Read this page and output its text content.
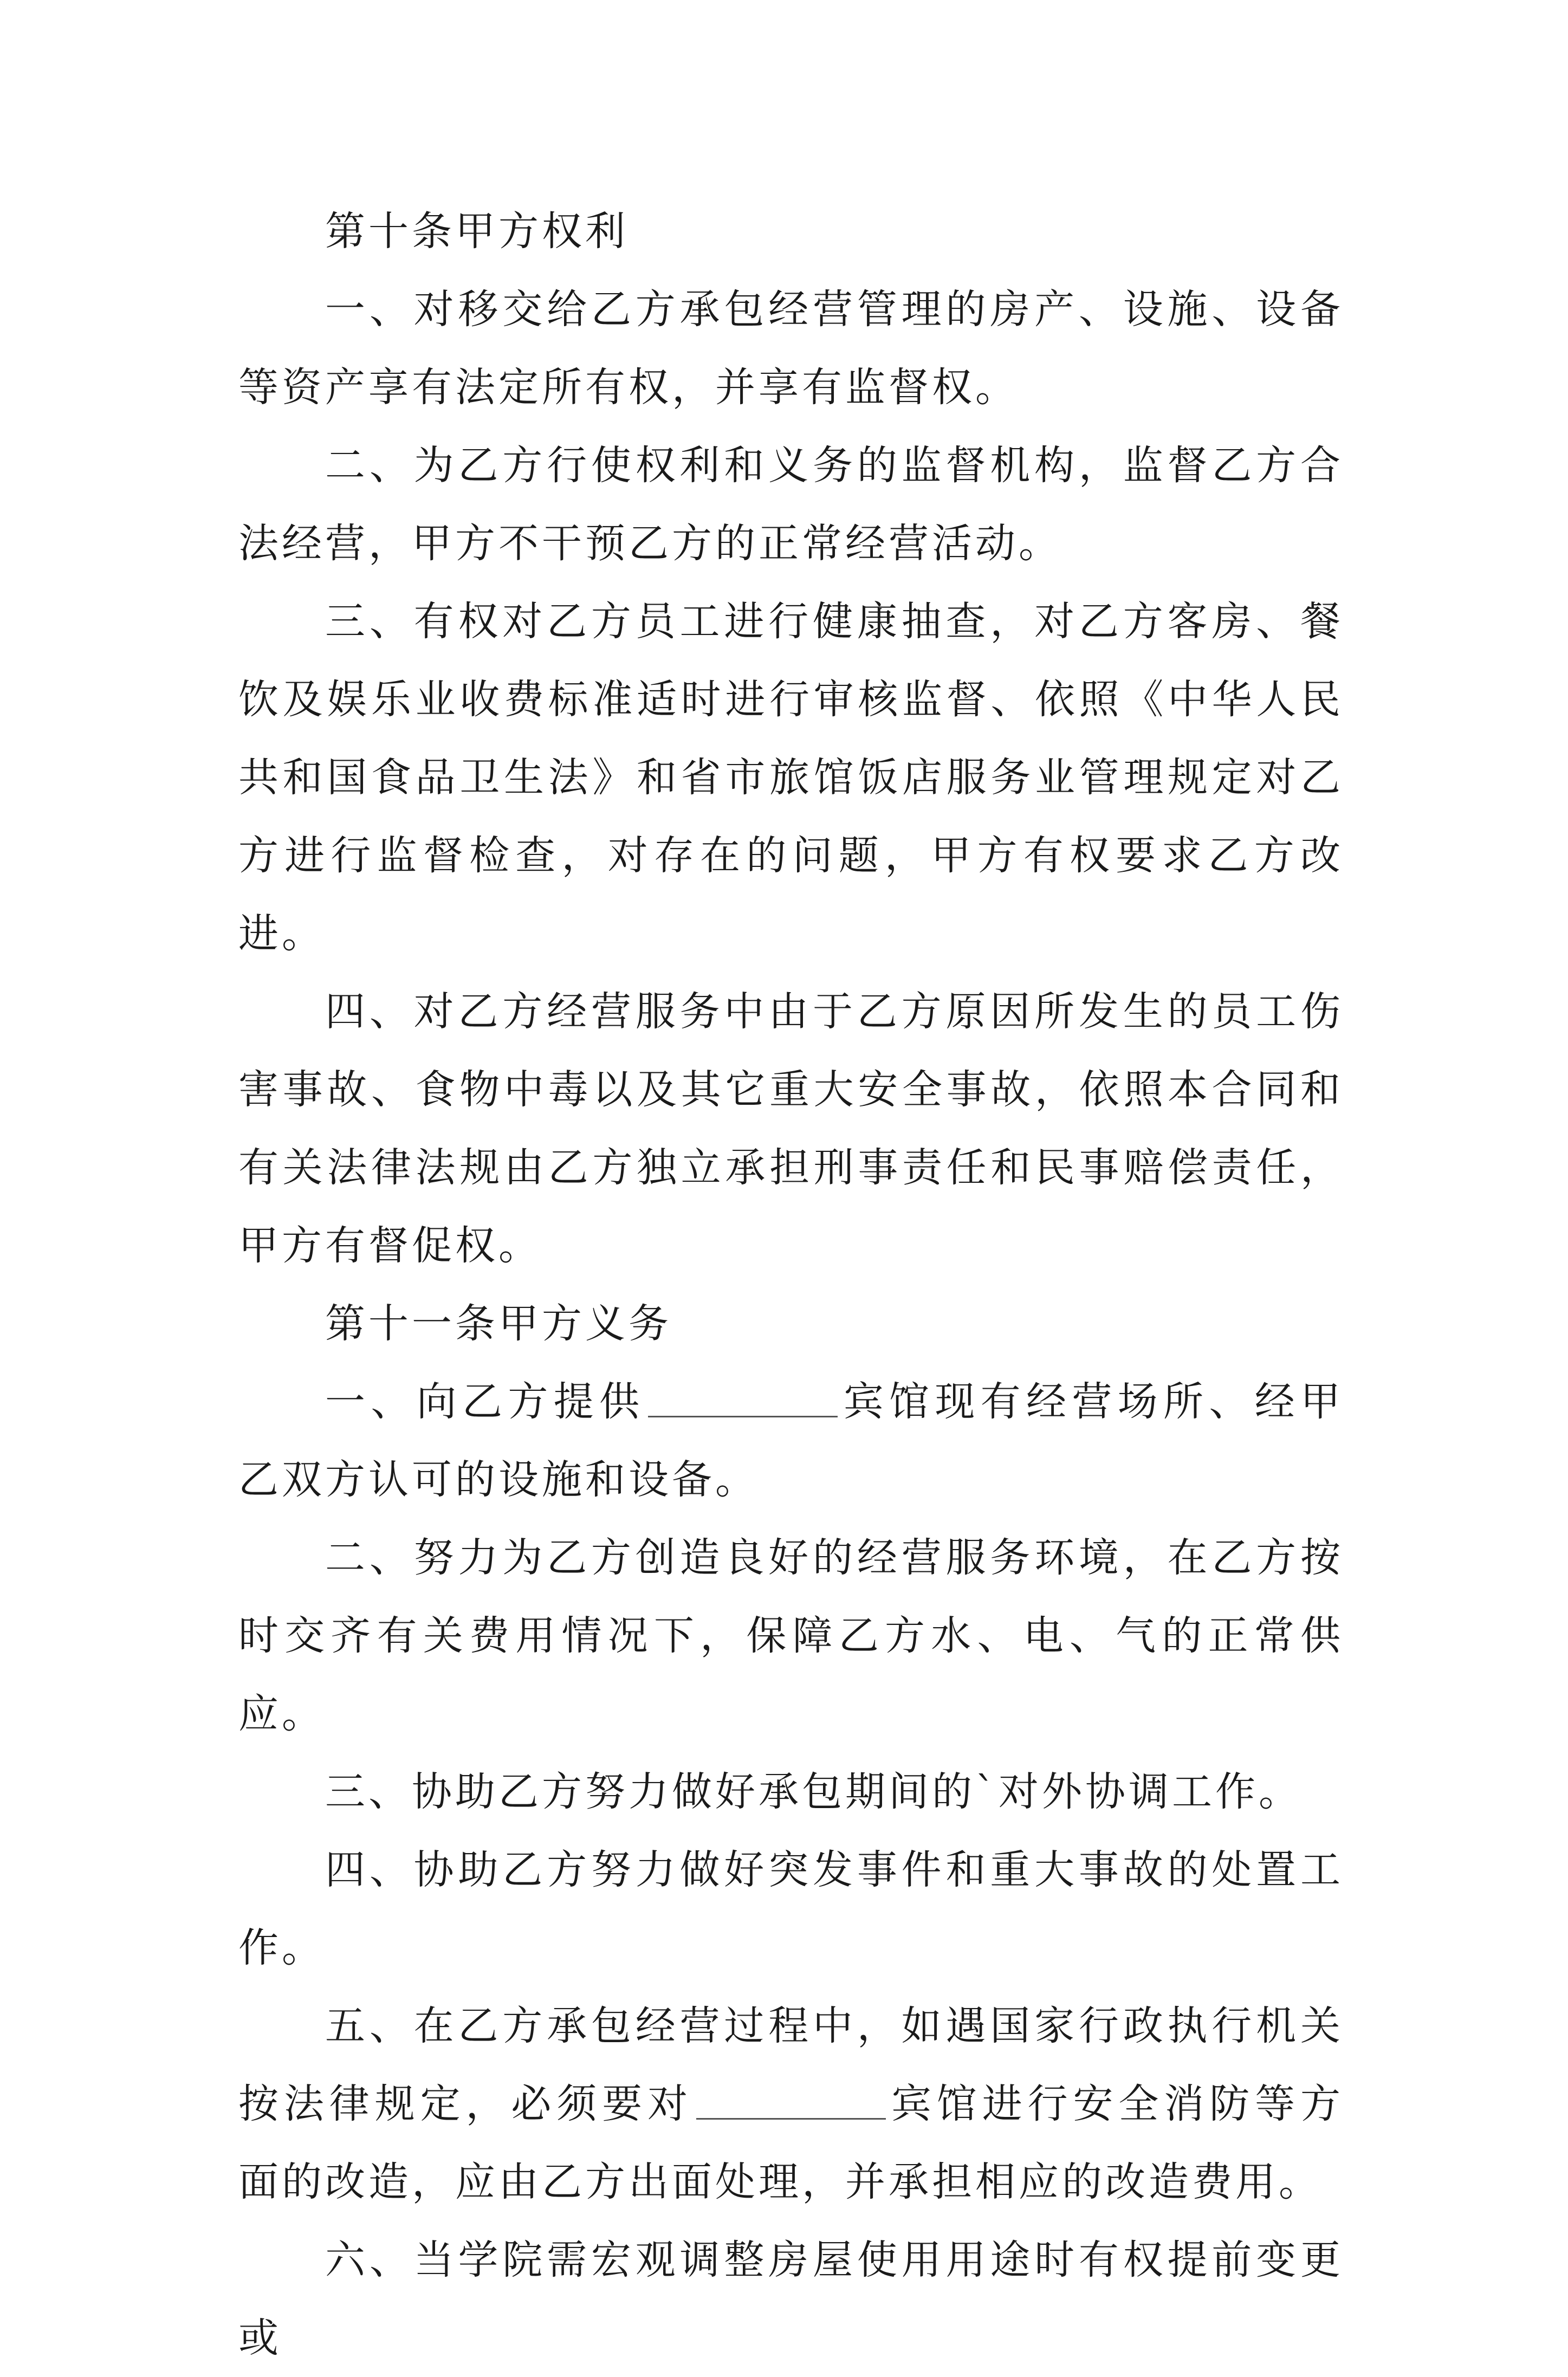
第十条甲方权利

一、对移交给乙方承包经营管理的房产、设施、设备等资产享有法定所有权，并享有监督权。

二、为乙方行使权利和义务的监督机构，监督乙方合法经营，甲方不干预乙方的正常经营活动。

三、有权对乙方员工进行健康抽查，对乙方客房、餐饮及娱乐业收费标准适时进行审核监督、依照《中华人民共和国食品卫生法》和省市旅馆饭店服务业管理规定对乙方进行监督检查，对存在的问题，甲方有权要求乙方改进。

四、对乙方经营服务中由于乙方原因所发生的员工伤害事故、食物中毒以及其它重大安全事故，依照本合同和有关法律法规由乙方独立承担刑事责任和民事赔偿责任，甲方有督促权。

第十一条甲方义务

一、向乙方提供	宾馆现有经营场所、经甲乙双方认可的设施和设备。

二、努力为乙方创造良好的经营服务环境，在乙方按时交齐有关费用情况下，保障乙方水、电、气的正常供应。

三、协助乙方努力做好承包期间的`对外协调工作。

四、协助乙方努力做好突发事件和重大事故的处置工作。

五、在乙方承包经营过程中，如遇国家行政执行机关按法律规定，必须要对	宾馆进行安全消防等方面的改造，应由乙方出面处理，并承担相应的改造费用。

六、当学院需宏观调整房屋使用用途时有权提前变更或
